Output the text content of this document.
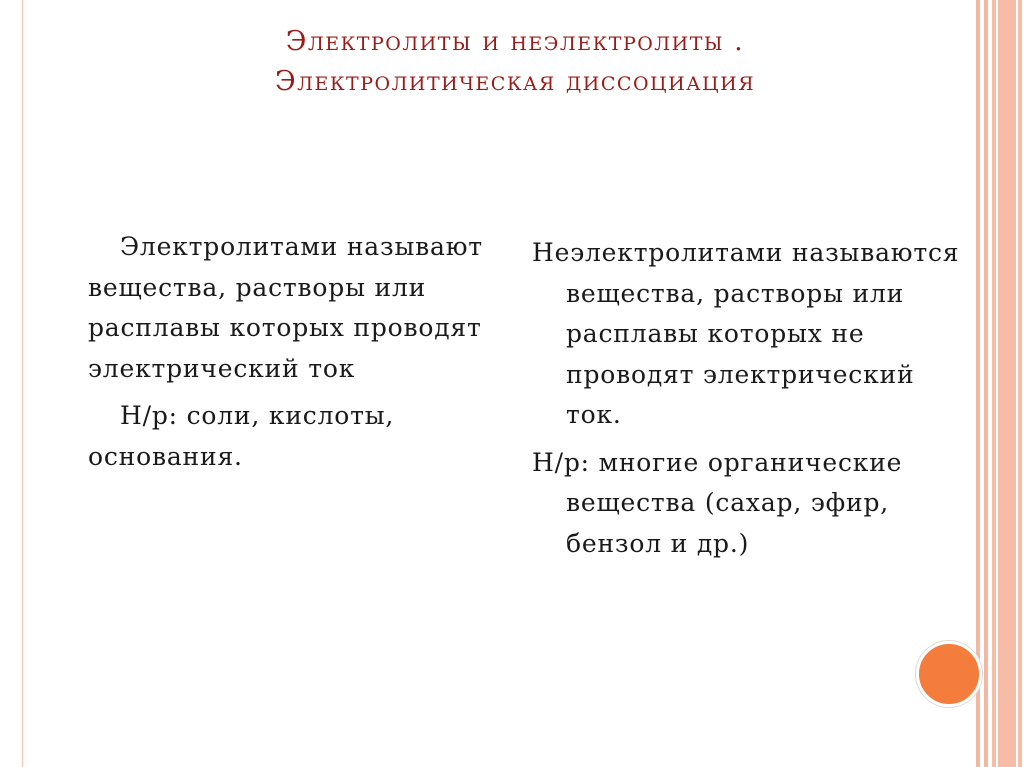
Электролиты и неэлектролиты .
Электролитическая диссоциация

Электролитами называют вещества, растворы или расплавы которых проводят электрический ток

Н/р: соли, кислоты, основания.

Неэлектролитами называются вещества, растворы или расплавы которых не проводят электрический ток.

Н/р: многие органические вещества (сахар, эфир, бензол и др.)
